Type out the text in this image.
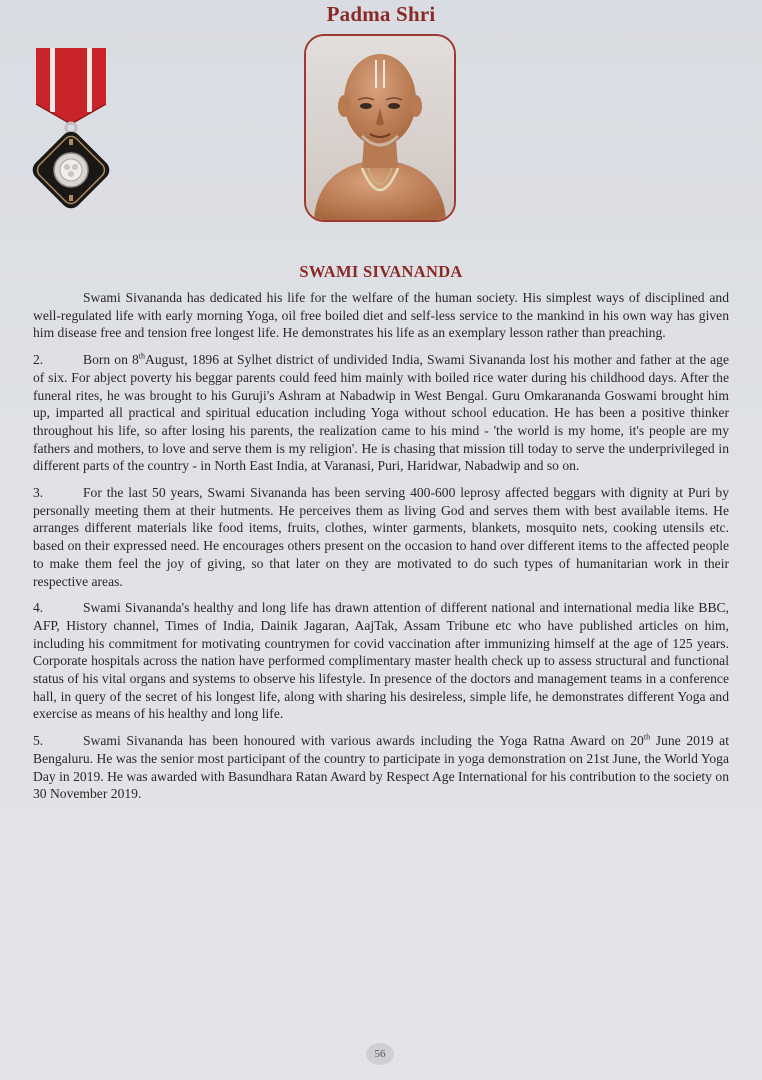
Padma Shri
SWAMI SIVANANDA

Swami Sivananda has dedicated his life for the welfare of the human society. His simplest ways of disciplined and well-regulated life with early morning Yoga, oil free boiled diet and self-less service to the mankind in his own way has given him disease free and tension free longest life. He demonstrates his life as an exemplary lesson rather than preaching.

2.	Born on 8thAugust, 1896 at Sylhet district of undivided India, Swami Sivananda lost his mother and father at the age of six. For abject poverty his beggar parents could feed him mainly with boiled rice water during his childhood days. After the funeral rites, he was brought to his Guruji's Ashram at Nabadwip in West Bengal. Guru Omkarananda Goswami brought him up, imparted all practical and spiritual education including Yoga without school education. He has been a positive thinker throughout his life, so after losing his parents, the realization came to his mind - 'the world is my home, it's people are my fathers and mothers, to love and serve them is my religion'. He is chasing that mission till today to serve the underprivileged in different parts of the country - in North East India, at Varanasi, Puri, Haridwar, Nabadwip and so on.

3.	For the last 50 years, Swami Sivananda has been serving 400-600 leprosy affected beggars with dignity at Puri by personally meeting them at their hutments. He perceives them as living God and serves them with best available items. He arranges different materials like food items, fruits, clothes, winter garments, blankets, mosquito nets, cooking utensils etc. based on their expressed need. He encourages others present on the occasion to hand over different items to the affected people to make them feel the joy of giving, so that later on they are motivated to do such types of humanitarian work in their respective areas.

4.	Swami Sivananda's healthy and long life has drawn attention of different national and international media like BBC, AFP, History channel, Times of India, Dainik Jagaran, AajTak, Assam Tribune etc who have published articles on him, including his commitment for motivating countrymen for covid vaccination after immunizing himself at the age of 125 years. Corporate hospitals across the nation have performed complimentary master health check up to assess structural and functional status of his vital organs and systems to observe his lifestyle. In presence of the doctors and management teams in a conference hall, in query of the secret of his longest life, along with sharing his desireless, simple life, he demonstrates different Yoga and exercise as means of his healthy and long life.

5.	Swami Sivananda has been honoured with various awards including the Yoga Ratna Award on 20th June 2019 at Bengaluru. He was the senior most participant of the country to participate in yoga demonstration on 21st June, the World Yoga Day in 2019. He was awarded with Basundhara Ratan Award by Respect Age International for his contribution to the society on 30 November 2019.

56
